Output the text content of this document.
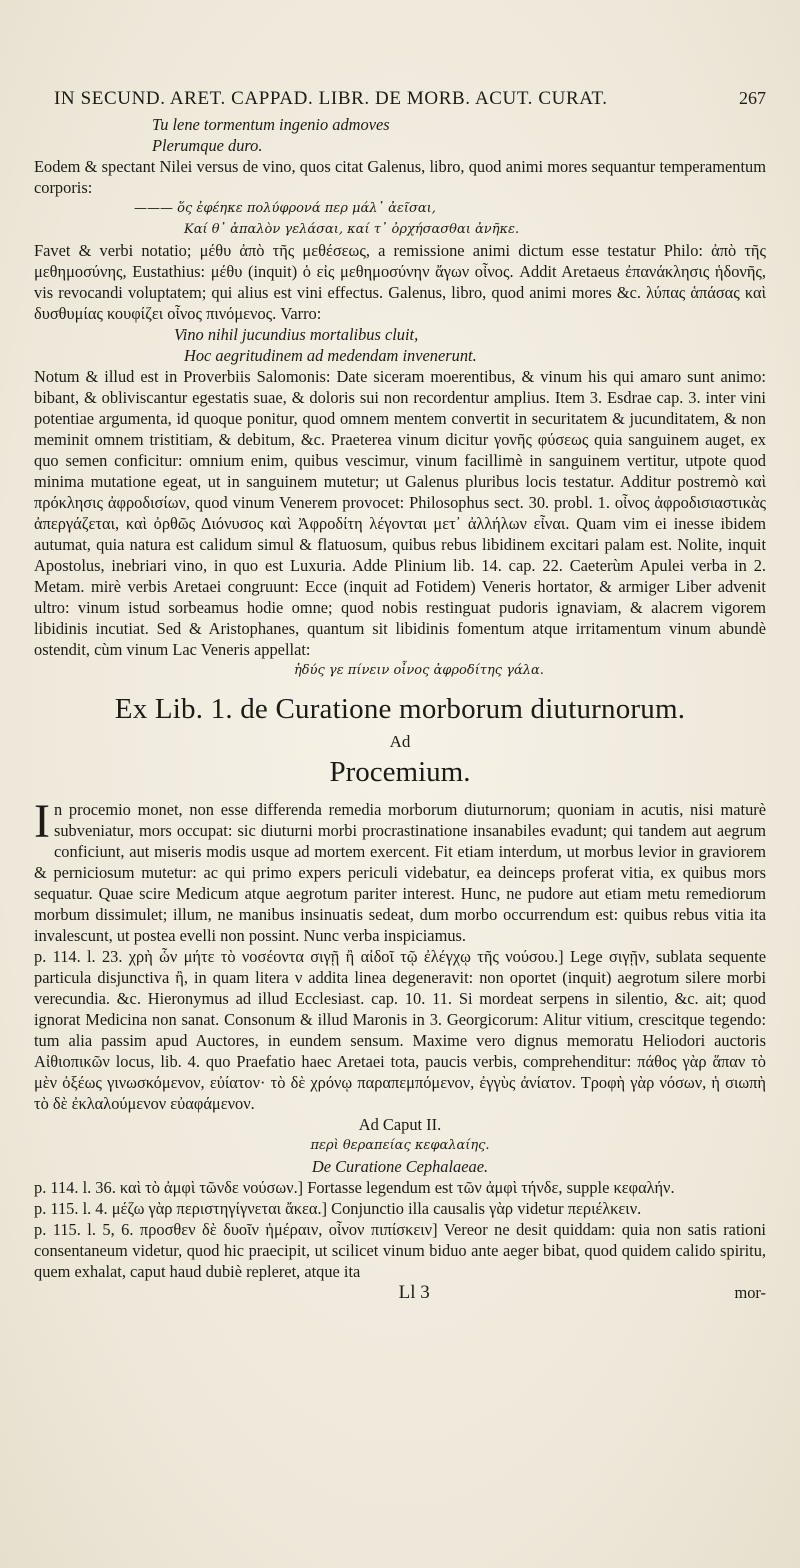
IN SECUND. ARET. CAPPAD. LIBR. DE MORB. ACUT. CURAT.	267
Tu lene tormentum ingenio admoves
Plerumque duro.

Eodem & spectant Nilei versus de vino, quos citat Galenus, libro, quod animi mores sequantur temperamentum corporis:

——— ὅς ἐφέηκε πολύφρονά περ μάλ᾽ ἀεῖσαι,
Καί θ᾽ ἁπαλὸν γελάσαι, καί τ᾽ ὀρχήσασθαι ἀνῆκε.

Favet & verbi notatio; μέθυ ἀπὸ τῆς μεθέσεως, a remissione animi dictum esse testatur Philo: ἀπὸ τῆς μεθημοσύνης, Eustathius: μέθυ (inquit) ὁ εἰς μεθημοσύνην ἄγων οἶνος. Addit Aretaeus ἐπανάκλησις ἡδονῆς, vis revocandi voluptatem; qui alius est vini effectus. Galenus, libro, quod animi mores &c. λύπας ἁπάσας καὶ δυσθυμίας κουφίζει οἶνος πινόμενος. Varro:

Vino nihil jucundius mortalibus cluit,
Hoc aegritudinem ad medendam invenerunt.

Notum & illud est in Proverbiis Salomonis: Date siceram moerentibus, & vinum his qui amaro sunt animo: bibant, & obliviscantur egestatis suae, & doloris sui non recordentur amplius. Item 3. Esdrae cap. 3. inter vini potentiae argumenta, id quoque ponitur, quod omnem mentem convertit in securitatem & jucunditatem, & non meminit omnem tristitiam, & debitum, &c. Praeterea vinum dicitur γονῆς φύσεως quia sanguinem auget, ex quo semen conficitur: omnium enim, quibus vescimur, vinum facillimè in sanguinem vertitur, utpote quod minima mutatione egeat, ut in sanguinem mutetur; ut Galenus pluribus locis testatur. Additur postremò καὶ πρόκλησις ἀφροδισίων, quod vinum Venerem provocet: Philosophus sect. 30. probl. 1. οἶνος ἀφροδισιαστικὰς ἀπεργάζεται, καὶ ὀρθῶς Διόνυσος καὶ Ἀφροδίτη λέγονται μετ᾽ ἀλλήλων εἶναι. Quam vim ei inesse ibidem autumat, quia natura est calidum simul & flatuosum, quibus rebus libidinem excitari palam est. Nolite, inquit Apostolus, inebriari vino, in quo est Luxuria. Adde Plinium lib. 14. cap. 22. Caeterùm Apulei verba in 2. Metam. mirè verbis Aretaei congruunt: Ecce (inquit ad Fotidem) Veneris hortator, & armiger Liber advenit ultro: vinum istud sorbeamus hodie omne; quod nobis restinguat pudoris ignaviam, & alacrem vigorem libidinis incutiat. Sed & Aristophanes, quantum sit libidinis fomentum atque irritamentum vinum abundè ostendit, cùm vinum Lac Veneris appellat:

ἡδύς γε πίνειν οἶνος ἀφροδίτης γάλα.
Ex Lib. 1. de Curatione morborum diuturnorum.
Ad
Procemium.
I n procemio monet, non esse differenda remedia morborum diuturnorum; quoniam in acutis, nisi maturè subveniatur, mors occupat: sic diuturni morbi procrastinatione insanabiles evadunt; qui tandem aut aegrum conficiunt, aut miseris modis usque ad mortem exercent. Fit etiam interdum, ut morbus levior in graviorem & perniciosum mutetur: ac qui primo expers periculi videbatur, ea deinceps proferat vitia, ex quibus mors sequatur. Quae scire Medicum atque aegrotum pariter interest. Hunc, ne pudore aut etiam metu remediorum morbum dissimulet; illum, ne manibus insinuatis sedeat, dum morbo occurrendum est: quibus rebus vitia ita invalescunt, ut postea evelli non possint. Nunc verba inspiciamus.

p. 114. l. 23. χρὴ ὧν μήτε τὸ νοσέοντα σιγῇ ἢ αἰδοῖ τῷ ἐλέγχῳ τῆς νούσου.] Lege σιγῇν, sublata sequente particula disjunctiva ἢ, in quam litera ν addita linea degeneravit: non oportet (inquit) aegrotum silere morbi verecundia. &c. Hieronymus ad illud Ecclesiast. cap. 10. 11. Si mordeat serpens in silentio, &c. ait; quod ignorat Medicina non sanat. Consonum & illud Maronis in 3. Georgicorum: Alitur vitium, crescitque tegendo: tum alia passim apud Auctores, in eundem sensum. Maxime vero dignus memoratu Heliodori auctoris Αἰθιοπικῶν locus, lib. 4. quo Praefatio haec Aretaei tota, paucis verbis, comprehenditur: πάθος γὰρ ἅπαν τὸ μὲν ὀξέως γινωσκόμενον, εὐίατον· τὸ δὲ χρόνῳ παραπεμπόμενον, ἐγγὺς ἀνίατον. Τροφὴ γὰρ νόσων, ἡ σιωπὴ τὸ δὲ ἐκλαλούμενον εὐαφάμενον.

Ad Caput II.
περὶ θεραπείας κεφαλαίης.
De Curatione Cephalaeae.

p. 114. l. 36. καὶ τὸ ἀμφὶ τῶνδε νούσων.] Fortasse legendum est τῶν ἀμφὶ τήνδε, supple κεφαλήν.

p. 115. l. 4. μέζω γὰρ περιστηγίγνεται ἄκεα.] Conjunctio illa causalis γὰρ videtur περιέλκειν.

p. 115. l. 5, 6. προσθεν δὲ δυοῖν ἡμέραιν, οἶνον πιπίσκειν] Vereor ne desit quiddam: quia non satis rationi consentaneum videtur, quod hic praecipit, ut scilicet vinum biduo ante aeger bibat, quod quidem calido spiritu, quem exhalat, caput haud dubiè repleret, atque ita

Ll 3	mor-
